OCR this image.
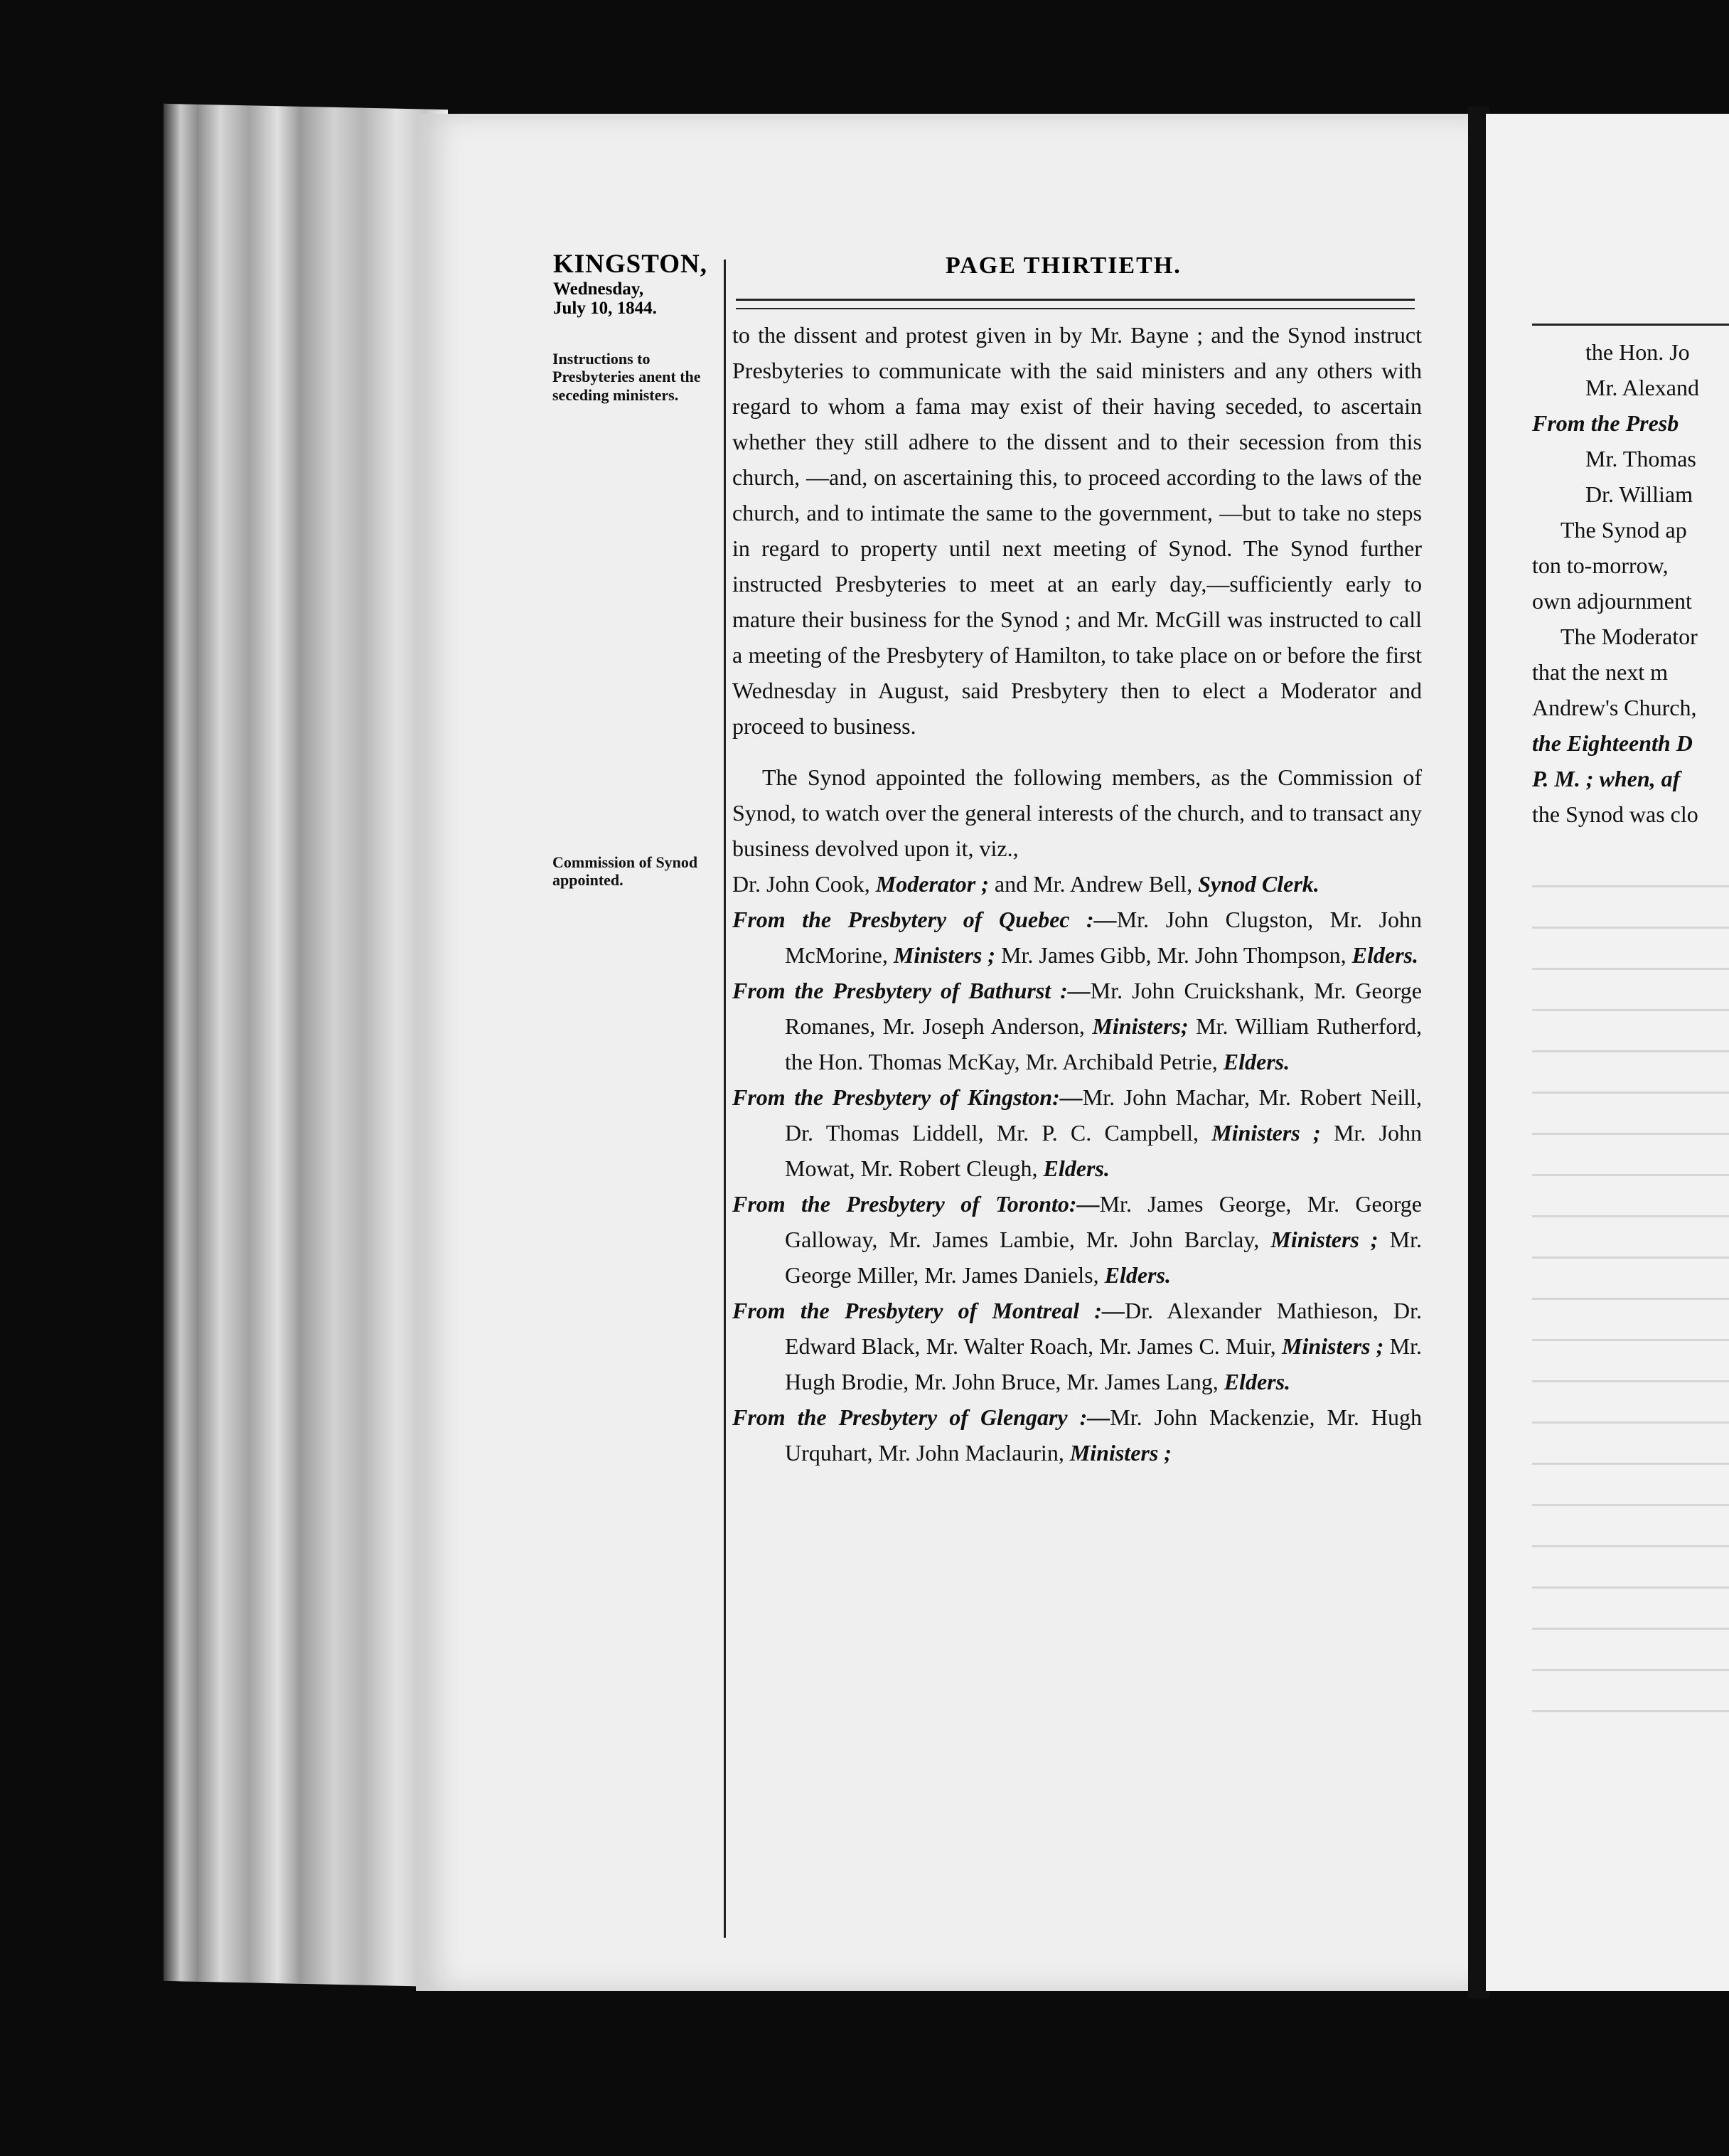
KINGSTON,
Wednesday,
July 10, 1844.
PAGE THIRTIETH.
Instructions to Presbyteries anent the seceding ministers.
Commission of Synod appointed.

to the dissent and protest given in by Mr. Bayne ; and the Synod instruct Presbyteries to communicate with the said ministers and any others with regard to whom a fama may exist of their having seceded, to ascertain whether they still adhere to the dissent and to their secession from this church, —and, on ascertaining this, to proceed according to the laws of the church, and to intimate the same to the government, —but to take no steps in regard to property until next meeting of Synod. The Synod further instructed Presbyteries to meet at an early day,—sufficiently early to mature their business for the Synod ; and Mr. McGill was instructed to call a meeting of the Presbytery of Hamilton, to take place on or before the first Wednesday in August, said Presbytery then to elect a Moderator and proceed to business.

The Synod appointed the following members, as the Commission of Synod, to watch over the general interests of the church, and to transact any business devolved upon it, viz.,

Dr. John Cook, Moderator ; and Mr. Andrew Bell, Synod Clerk.

From the Presbytery of Quebec :—Mr. John Clugston, Mr. John McMorine, Ministers ; Mr. James Gibb, Mr. John Thompson, Elders.

From the Presbytery of Bathurst :—Mr. John Cruickshank, Mr. George Romanes, Mr. Joseph Anderson, Ministers; Mr. William Rutherford, the Hon. Thomas McKay, Mr. Archibald Petrie, Elders.

From the Presbytery of Kingston:—Mr. John Machar, Mr. Robert Neill, Dr. Thomas Liddell, Mr. P. C. Campbell, Ministers ; Mr. John Mowat, Mr. Robert Cleugh, Elders.

From the Presbytery of Toronto:—Mr. James George, Mr. George Galloway, Mr. James Lambie, Mr. John Barclay, Ministers ; Mr. George Miller, Mr. James Daniels, Elders.

From the Presbytery of Montreal :—Dr. Alexander Mathieson, Dr. Edward Black, Mr. Walter Roach, Mr. James C. Muir, Ministers ; Mr. Hugh Brodie, Mr. John Bruce, Mr. James Lang, Elders.

From the Presbytery of Glengary :—Mr. John Mackenzie, Mr. Hugh Urquhart, Mr. John Maclaurin, Ministers ;

the Hon. Jo
Mr. Alexand
From the Presb
Mr. Thomas
Dr. William
The Synod ap
ton to-morrow,
own adjournment
The Moderator
that the next m
Andrew's Church,
the Eighteenth D
P. M. ; when, af
the Synod was clo
